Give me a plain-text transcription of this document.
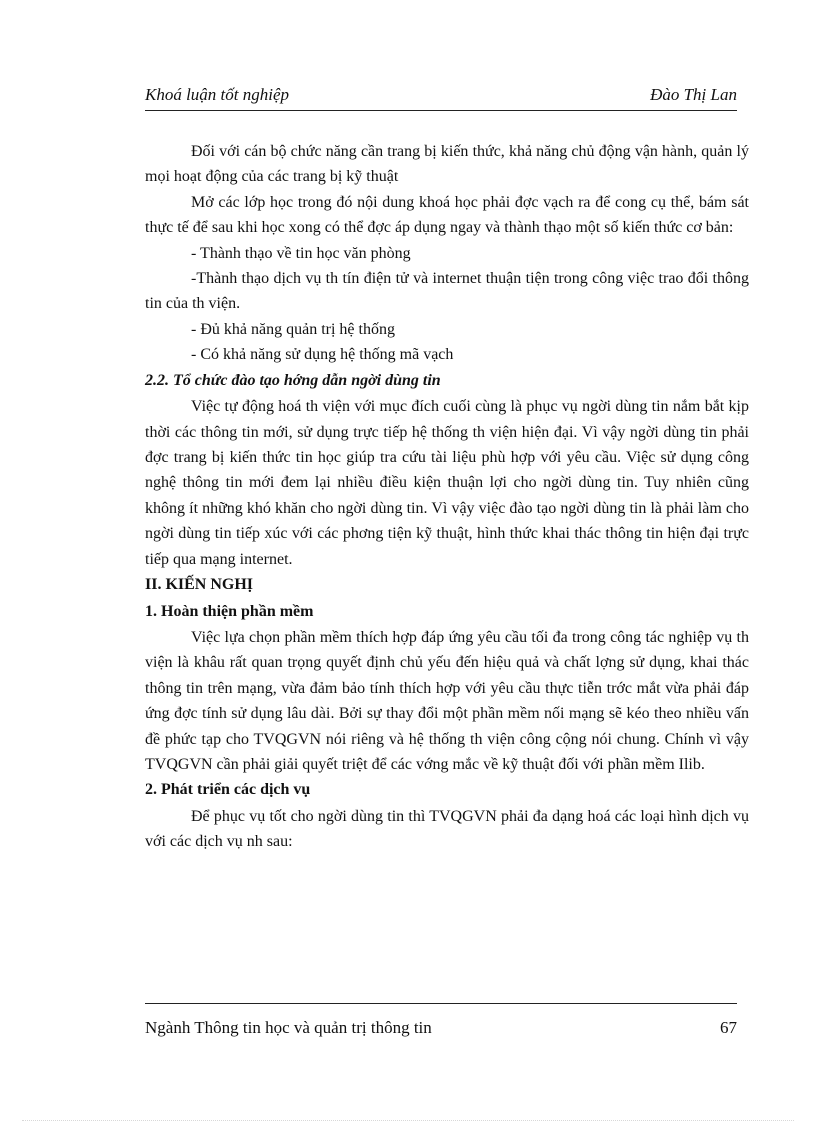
Khoá luận tốt nghiệp	Đào Thị Lan

Đối với cán bộ chức năng cần trang bị kiến thức, khả năng chủ động vận hành, quản lý mọi hoạt động của các trang bị kỹ thuật

Mở các lớp học trong đó nội dung khoá học phải đợc vạch ra để cong cụ thể, bám sát thực tế để sau khi học xong có thể đợc áp dụng ngay và thành thạo một số kiến thức cơ bản:

- Thành thạo về tin học văn phòng

-Thành thạo dịch vụ th tín điện tử và internet thuận tiện trong công việc trao đổi thông tin của th viện.

- Đủ khả năng quản trị hệ thống

- Có khả năng sử dụng hệ thống mã vạch

2.2. Tổ chức đào tạo hớng dẫn ngời dùng tin

Việc tự động hoá th viện với mục đích cuối cùng là phục vụ ngời dùng tin nắm bắt kịp thời các thông tin mới, sử dụng trực tiếp hệ thống th viện hiện đại. Vì vậy ngời dùng tin phải đợc trang bị kiến thức tin học giúp tra cứu tài liệu phù hợp với yêu cầu. Việc sử dụng công nghệ thông tin mới đem lại nhiều điều kiện thuận lợi cho ngời dùng tin. Tuy nhiên cũng không ít những khó khăn cho ngời dùng tin. Vì vậy việc đào tạo ngời dùng tin là phải làm cho ngời dùng tin tiếp xúc với các phơng tiện kỹ thuật, hình thức khai thác thông tin hiện đại trực tiếp qua mạng internet.

II. KIẾN NGHỊ
1. Hoàn thiện phần mềm

Việc lựa chọn phần mềm thích hợp đáp ứng yêu cầu tối đa trong công tác nghiệp vụ th viện là khâu rất quan trọng quyết định chủ yếu đến hiệu quả và chất lợng sử dụng, khai thác thông tin trên mạng, vừa đảm bảo tính thích hợp với yêu cầu thực tiễn trớc mắt vừa phải đáp ứng đợc tính sử dụng lâu dài. Bởi sự thay đổi một phần mềm nối mạng sẽ kéo theo nhiều vấn đề phức tạp cho TVQGVN nói riêng và hệ thống th viện công cộng nói chung. Chính vì vậy TVQGVN cần phải giải quyết triệt để các vớng mắc về kỹ thuật đối với phần mềm Ilib.

2. Phát triển các dịch vụ

Để phục vụ tốt cho ngời dùng tin thì TVQGVN phải đa dạng hoá các loại hình dịch vụ với các dịch vụ nh sau:

Ngành Thông tin học và quản trị thông tin	67
